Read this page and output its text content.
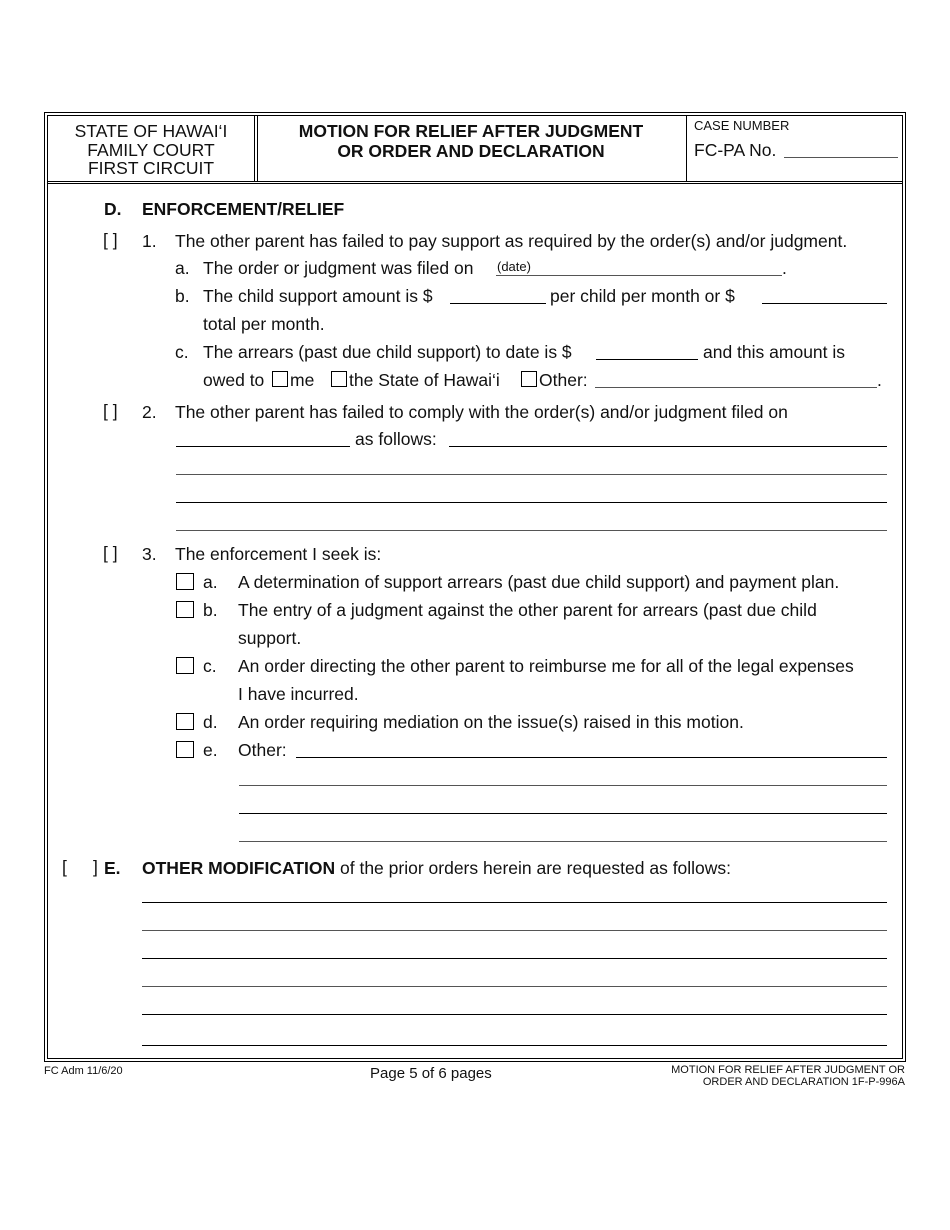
STATE OF HAWAI‘I
FAMILY COURT
FIRST CIRCUIT
MOTION FOR RELIEF AFTER JUDGMENT
OR ORDER AND DECLARATION
CASE NUMBER
FC-PA No.
D. ENFORCEMENT/RELIEF
[ ] 1. The other parent has failed to pay support as required by the order(s) and/or judgment.
a. The order or judgment was filed on (date)	.
b. The child support amount is $	per child per month or $
total per month.
c. The arrears (past due child support) to date is $	and this amount is
owed to me the State of Hawai‘i Other:	.
[ ] 2. The other parent has failed to comply with the order(s) and/or judgment filed on
as follows:
[ ] 3. The enforcement I seek is:
a. A determination of support arrears (past due child support) and payment plan.
b. The entry of a judgment against the other parent for arrears (past due child
support.
c. An order directing the other parent to reimburse me for all of the legal expenses
I have incurred.
d. An order requiring mediation on the issue(s) raised in this motion.
e. Other:
[ ] E. OTHER MODIFICATION of the prior orders herein are requested as follows:
FC Adm 11/6/20	Page 5 of 6 pages	MOTION FOR RELIEF AFTER JUDGMENT OR
ORDER AND DECLARATION 1F-P-996A
